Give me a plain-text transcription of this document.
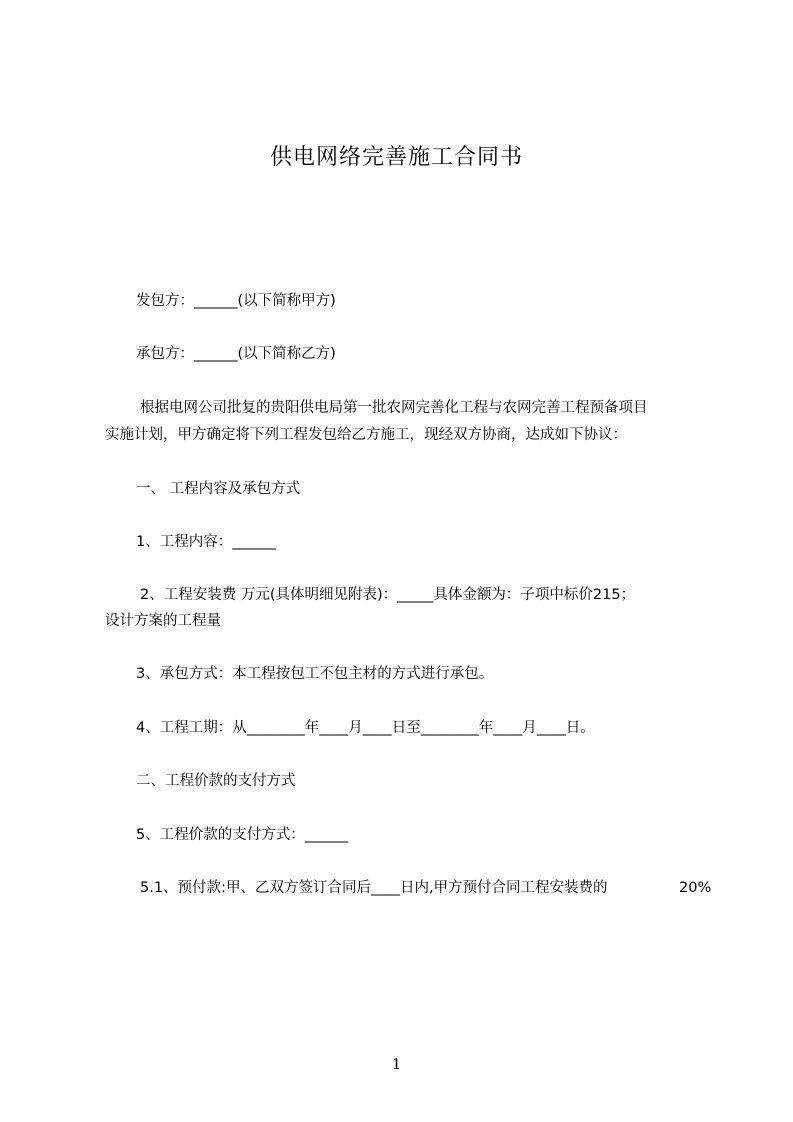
供电网络完善施工合同书
发包方：______(以下简称甲方)
承包方：______(以下简称乙方)
根据电网公司批复的贵阳供电局第一批农网完善化工程与农网完善工程预备项目
实施计划，甲方确定将下列工程发包给乙方施工，现经双方协商，达成如下协议：
一、 工程内容及承包方式
1、工程内容：______
2、工程安装费 万元(具体明细见附表)：_____具体金额为：子项中标价215；
设计方案的工程量
3、承包方式：本工程按包工不包主材的方式进行承包。
4、工程工期：从________年____月____日至________年____月____日。
二、工程价款的支付方式
5、工程价款的支付方式：______
5.1、预付款:甲、乙双方签订合同后____日内,甲方预付合同工程安装费的	20%
1
